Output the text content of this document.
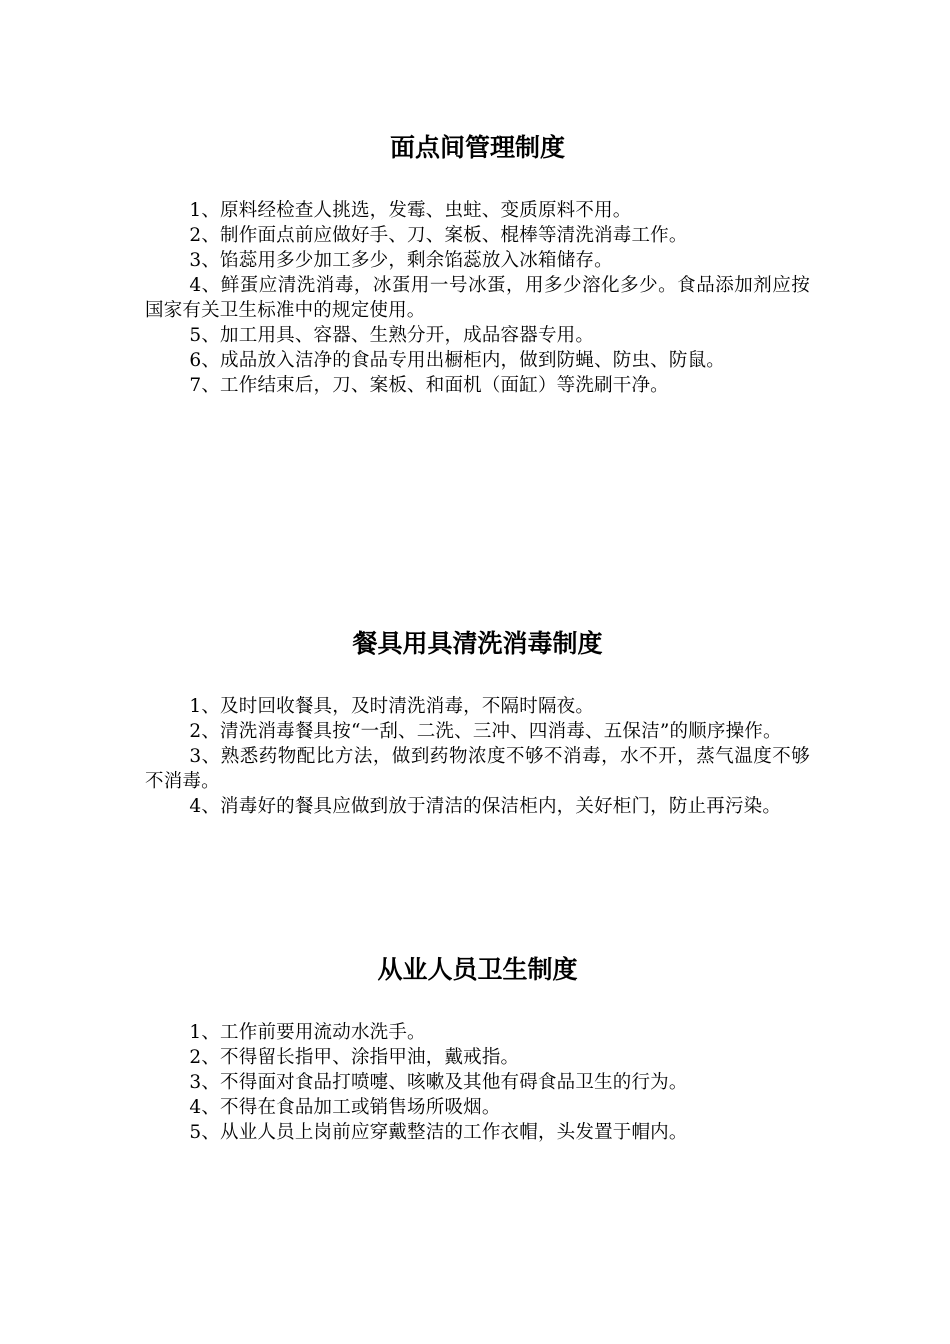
面点间管理制度

1、原料经检查人挑选，发霉、虫蛀、变质原料不用。

2、制作面点前应做好手、刀、案板、棍棒等清洗消毒工作。

3、馅蕊用多少加工多少，剩余馅蕊放入冰箱储存。

4、鲜蛋应清洗消毒，冰蛋用一号冰蛋，用多少溶化多少。食品添加剂应按国家有关卫生标准中的规定使用。

5、加工用具、容器、生熟分开，成品容器专用。

6、成品放入洁净的食品专用出橱柜内，做到防蝇、防虫、防鼠。

7、工作结束后，刀、案板、和面机（面缸）等洗刷干净。

餐具用具清洗消毒制度

1、及时回收餐具，及时清洗消毒，不隔时隔夜。

2、清洗消毒餐具按“一刮、二洗、三冲、四消毒、五保洁”的顺序操作。

3、熟悉药物配比方法，做到药物浓度不够不消毒，水不开，蒸气温度不够不消毒。

4、消毒好的餐具应做到放于清洁的保洁柜内，关好柜门，防止再污染。

从业人员卫生制度

1、工作前要用流动水洗手。

2、不得留长指甲、涂指甲油，戴戒指。

3、不得面对食品打喷嚏、咳嗽及其他有碍食品卫生的行为。

4、不得在食品加工或销售场所吸烟。

5、从业人员上岗前应穿戴整洁的工作衣帽，头发置于帽内。
